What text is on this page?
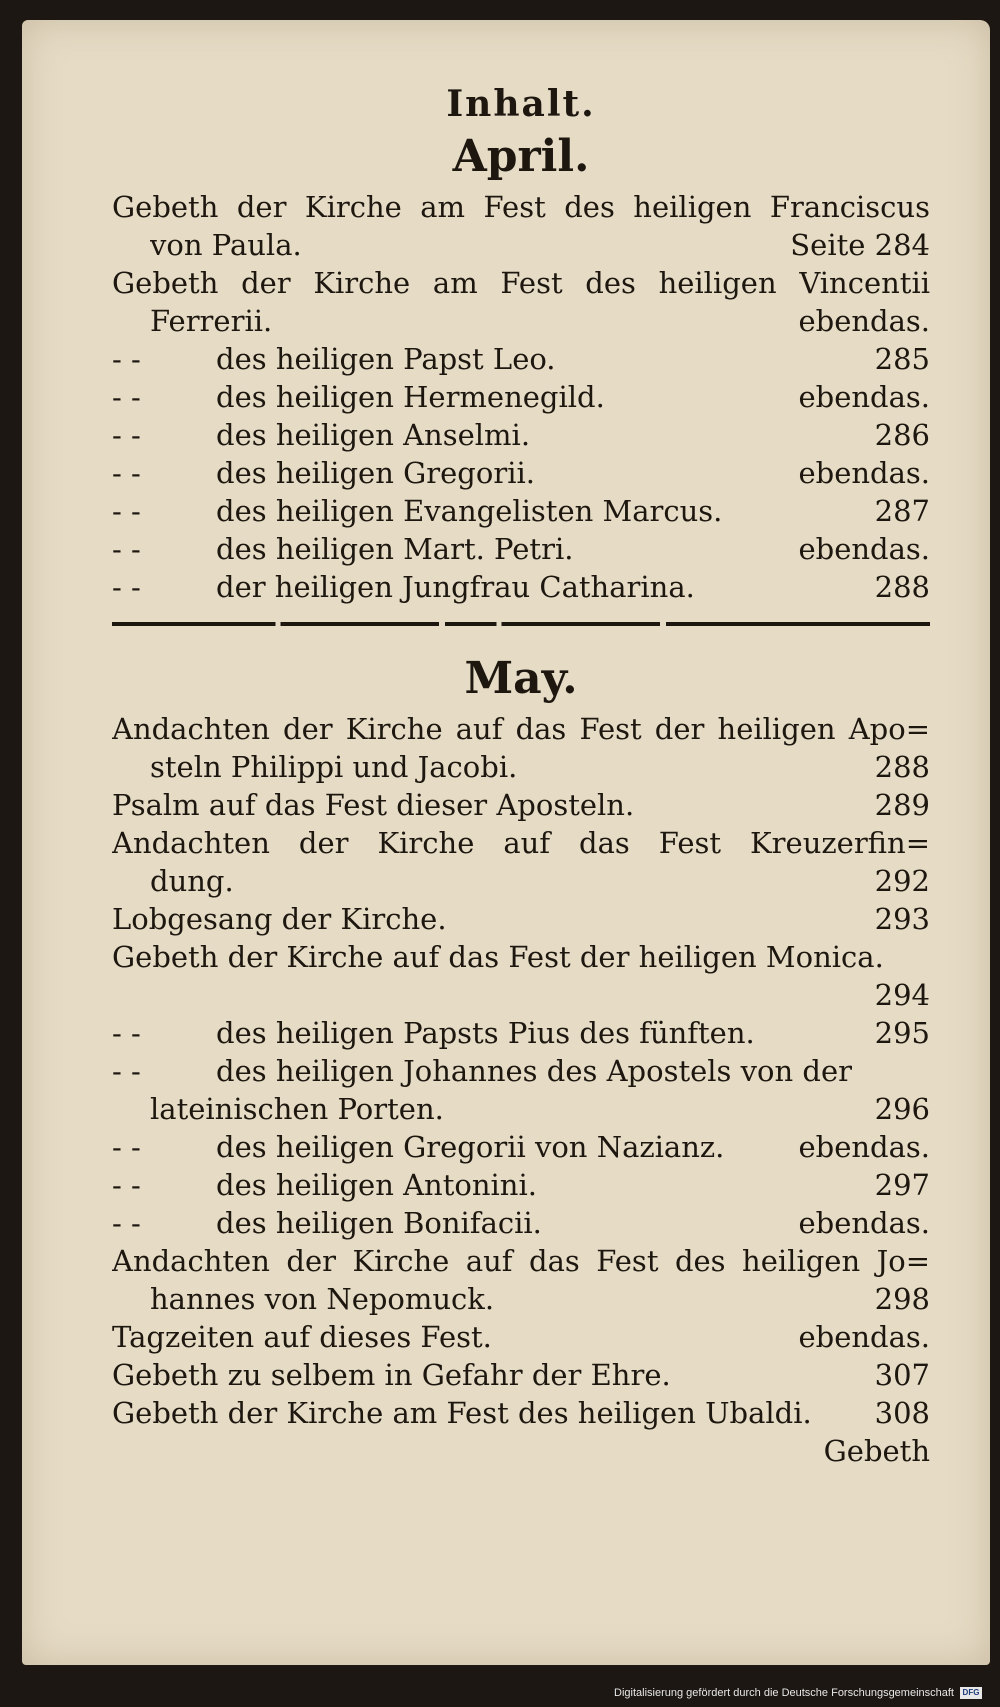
Inhalt.
April.
Gebeth der Kirche am Fest des heiligen Franciscus
von Paula.	Seite 284
Gebeth der Kirche am Fest des heiligen Vincentii
Ferrerii.	ebendas.
- -	des heiligen Papst Leo.	285
- -	des heiligen Hermenegild.	ebendas.
- -	des heiligen Anselmi.	286
- -	des heiligen Gregorii.	ebendas.
- -	des heiligen Evangelisten Marcus.	287
- -	des heiligen Mart. Petri.	ebendas.
- -	der heiligen Jungfrau Catharina.	288
May.
Andachten der Kirche auf das Fest der heiligen Apo=
steln Philippi und Jacobi.	288
Psalm auf das Fest dieser Aposteln.	289
Andachten der Kirche auf das Fest Kreuzerfin=
dung.	292
Lobgesang der Kirche.	293
Gebeth der Kirche auf das Fest der heiligen Monica.
294
- -	des heiligen Papsts Pius des fünften.	295
- -	des heiligen Johannes des Apostels von der
lateinischen Porten.	296
- -	des heiligen Gregorii von Nazianz.	ebendas.
- -	des heiligen Antonini.	297
- -	des heiligen Bonifacii.	ebendas.
Andachten der Kirche auf das Fest des heiligen Jo=
hannes von Nepomuck.	298
Tagzeiten auf dieses Fest.	ebendas.
Gebeth zu selbem in Gefahr der Ehre.	307
Gebeth der Kirche am Fest des heiligen Ubaldi.	308
Gebeth
Digitalisierung gefördert durch die Deutsche Forschungsgemeinschaft	DFG
